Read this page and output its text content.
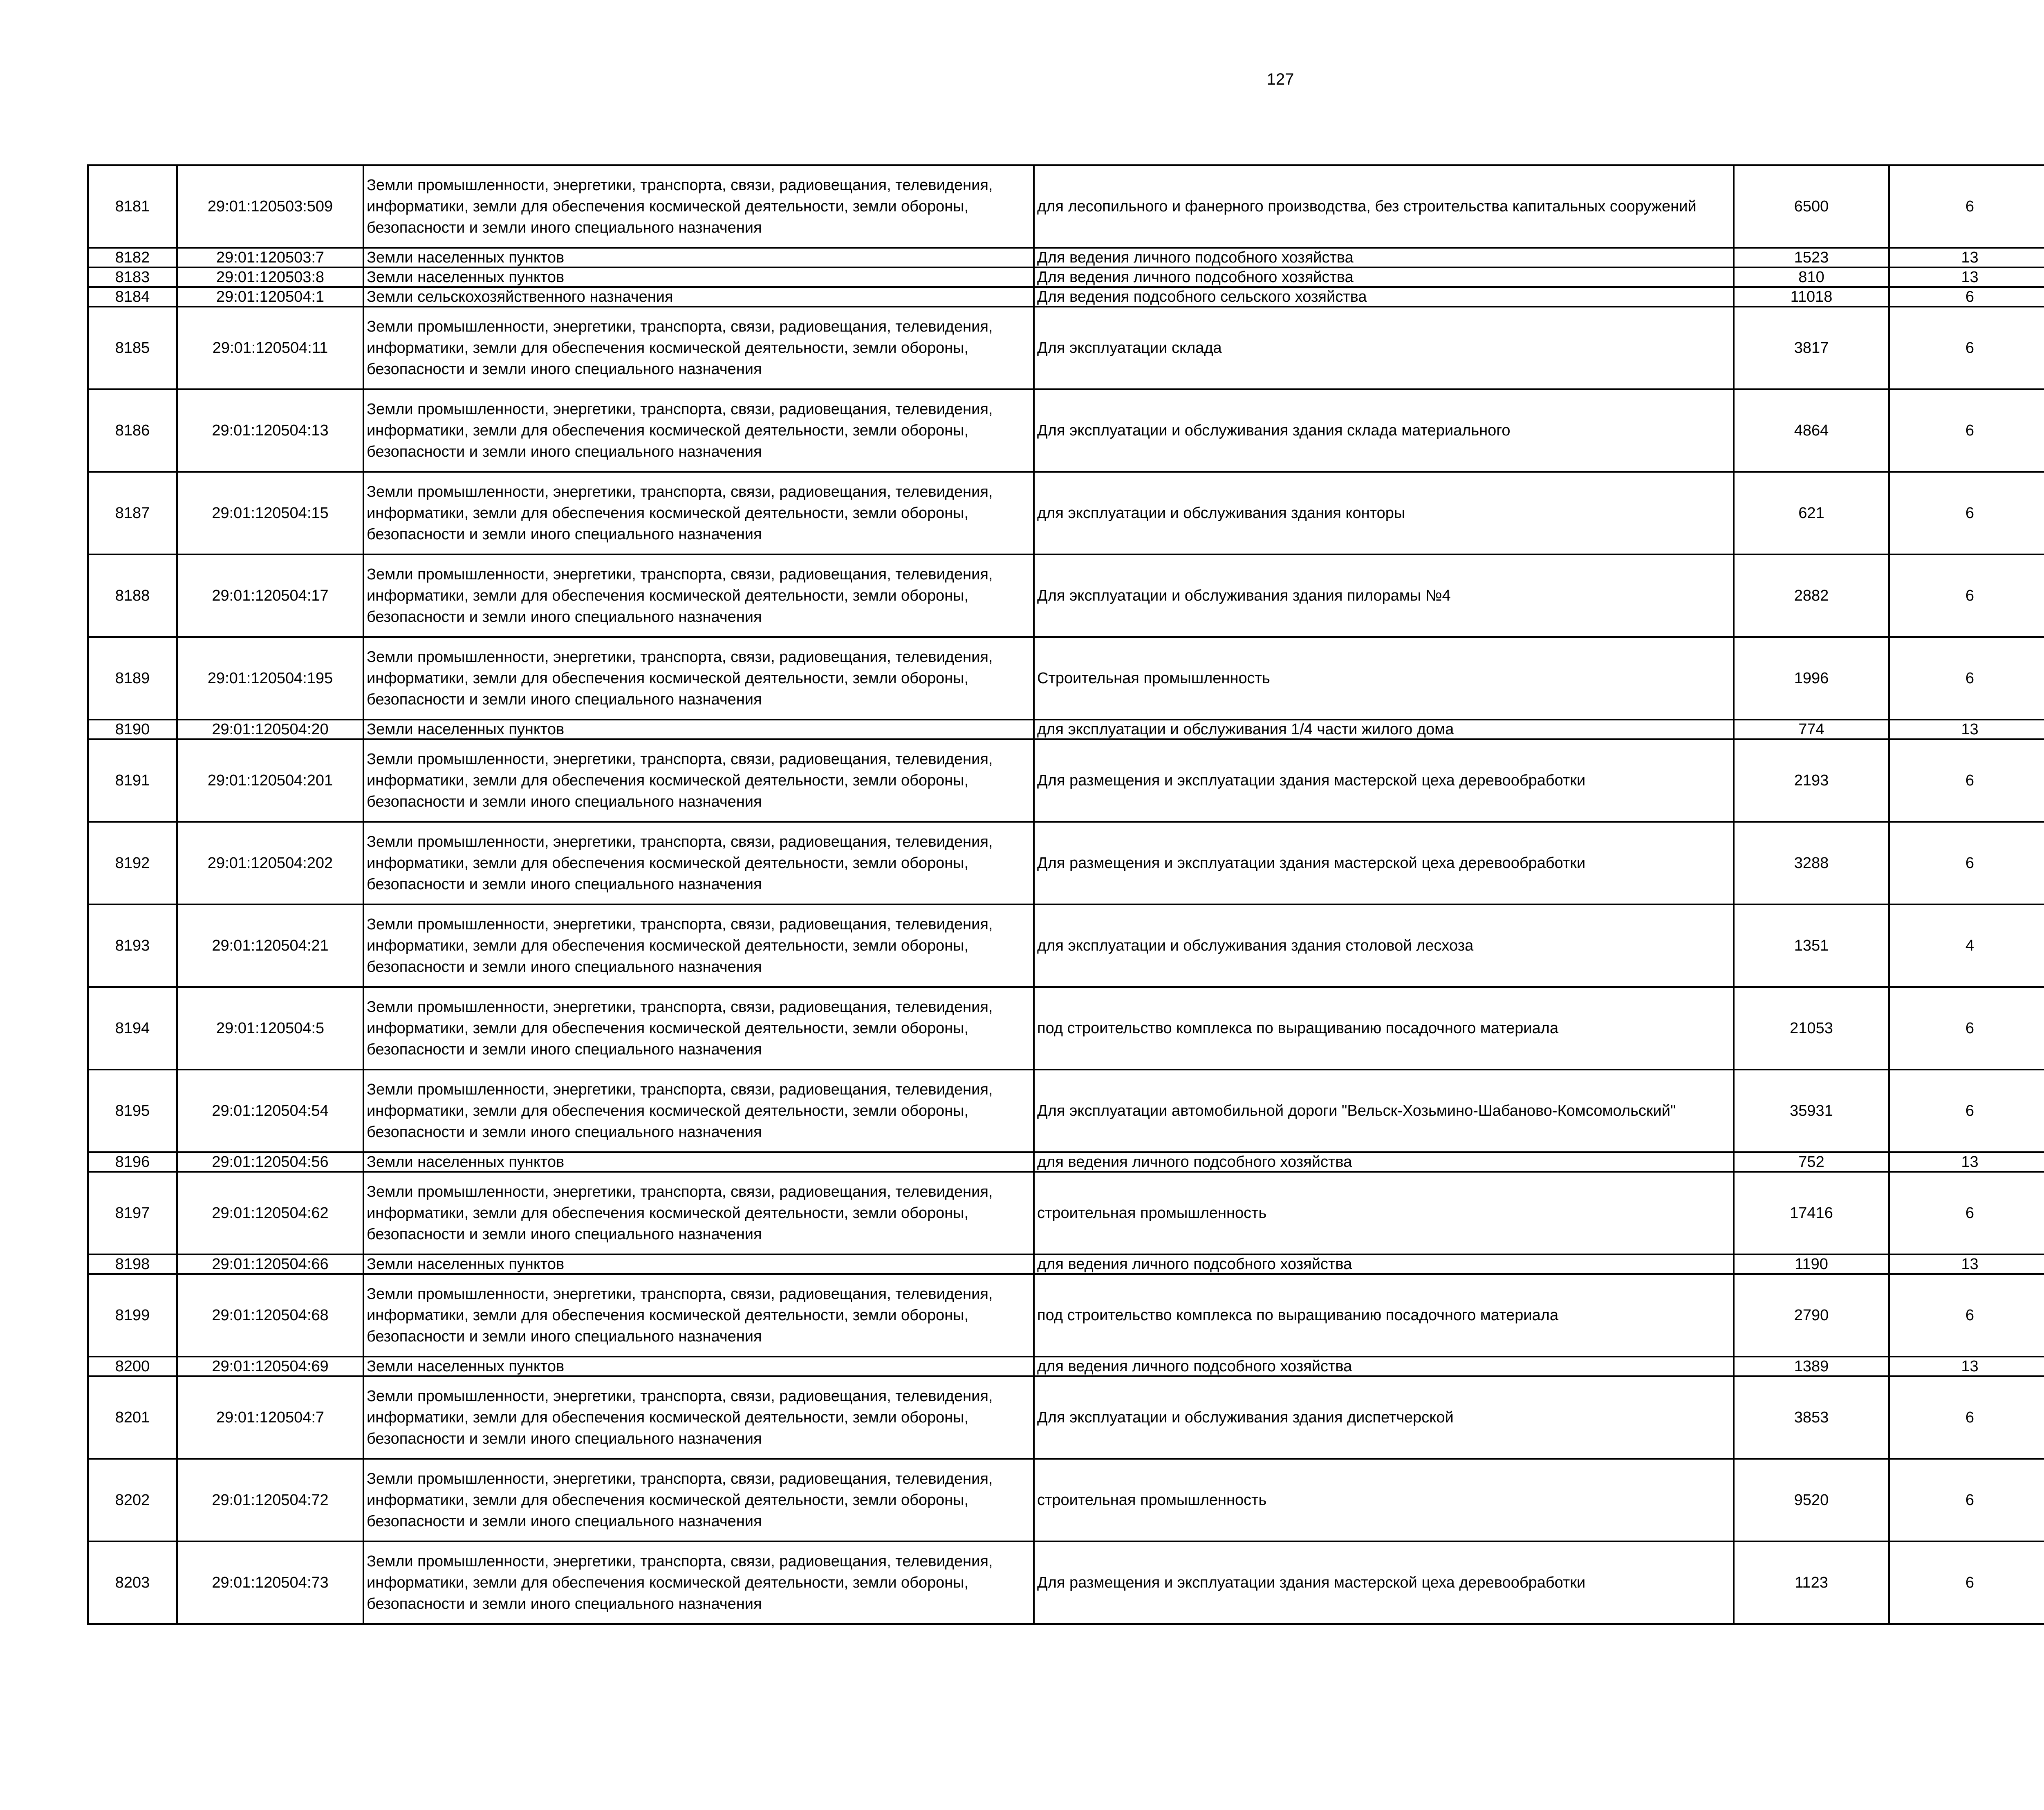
127
8181	29:01:120503:509	Земли промышленности, энергетики, транспорта, связи, радиовещания, телевидения, информатики, земли для обеспечения космической деятельности, земли обороны, безопасности и земли иного специального назначения	для лесопильного и фанерного производства, без строительства капитальных сооружений	6500	6		
8182	29:01:120503:7	Земли населенных пунктов	Для ведения личного подсобного хозяйства	1523	13		
8183	29:01:120503:8	Земли населенных пунктов	Для ведения личного подсобного хозяйства	810	13		
8184	29:01:120504:1	Земли сельскохозяйственного назначения	Для ведения подсобного сельского хозяйства	11018	6		
8185	29:01:120504:11	Земли промышленности, энергетики, транспорта, связи, радиовещания, телевидения, информатики, земли для обеспечения космической деятельности, земли обороны, безопасности и земли иного специального назначения	Для эксплуатации склада	3817	6		
8186	29:01:120504:13	Земли промышленности, энергетики, транспорта, связи, радиовещания, телевидения, информатики, земли для обеспечения космической деятельности, земли обороны, безопасности и земли иного специального назначения	Для эксплуатации и обслуживания здания склада материального	4864	6		
8187	29:01:120504:15	Земли промышленности, энергетики, транспорта, связи, радиовещания, телевидения, информатики, земли для обеспечения космической деятельности, земли обороны, безопасности и земли иного специального назначения	для эксплуатации и обслуживания здания конторы	621	6		
8188	29:01:120504:17	Земли промышленности, энергетики, транспорта, связи, радиовещания, телевидения, информатики, земли для обеспечения космической деятельности, земли обороны, безопасности и земли иного специального назначения	Для эксплуатации и обслуживания здания пилорамы №4	2882	6		
8189	29:01:120504:195	Земли промышленности, энергетики, транспорта, связи, радиовещания, телевидения, информатики, земли для обеспечения космической деятельности, земли обороны, безопасности и земли иного специального назначения	Строительная промышленность	1996	6		
8190	29:01:120504:20	Земли населенных пунктов	для эксплуатации и обслуживания 1/4 части жилого дома	774	13		
8191	29:01:120504:201	Земли промышленности, энергетики, транспорта, связи, радиовещания, телевидения, информатики, земли для обеспечения космической деятельности, земли обороны, безопасности и земли иного специального назначения	Для размещения и эксплуатации здания мастерской цеха деревообработки	2193	6		
8192	29:01:120504:202	Земли промышленности, энергетики, транспорта, связи, радиовещания, телевидения, информатики, земли для обеспечения космической деятельности, земли обороны, безопасности и земли иного специального назначения	Для размещения и эксплуатации здания мастерской цеха деревообработки	3288	6		
8193	29:01:120504:21	Земли промышленности, энергетики, транспорта, связи, радиовещания, телевидения, информатики, земли для обеспечения космической деятельности, земли обороны, безопасности и земли иного специального назначения	для эксплуатации и обслуживания здания столовой лесхоза	1351	4		
8194	29:01:120504:5	Земли промышленности, энергетики, транспорта, связи, радиовещания, телевидения, информатики, земли для обеспечения космической деятельности, земли обороны, безопасности и земли иного специального назначения	под строительство комплекса по выращиванию посадочного материала	21053	6		
8195	29:01:120504:54	Земли промышленности, энергетики, транспорта, связи, радиовещания, телевидения, информатики, земли для обеспечения космической деятельности, земли обороны, безопасности и земли иного специального назначения	Для эксплуатации автомобильной дороги "Вельск-Хозьмино-Шабаново-Комсомольский"	35931	6		
8196	29:01:120504:56	Земли населенных пунктов	для ведения личного подсобного хозяйства	752	13		
8197	29:01:120504:62	Земли промышленности, энергетики, транспорта, связи, радиовещания, телевидения, информатики, земли для обеспечения космической деятельности, земли обороны, безопасности и земли иного специального назначения	строительная промышленность	17416	6		
8198	29:01:120504:66	Земли населенных пунктов	для ведения личного подсобного хозяйства	1190	13		
8199	29:01:120504:68	Земли промышленности, энергетики, транспорта, связи, радиовещания, телевидения, информатики, земли для обеспечения космической деятельности, земли обороны, безопасности и земли иного специального назначения	под строительство комплекса по выращиванию посадочного материала	2790	6		
8200	29:01:120504:69	Земли населенных пунктов	для ведения личного подсобного хозяйства	1389	13		
8201	29:01:120504:7	Земли промышленности, энергетики, транспорта, связи, радиовещания, телевидения, информатики, земли для обеспечения космической деятельности, земли обороны, безопасности и земли иного специального назначения	Для эксплуатации и обслуживания здания диспетчерской	3853	6		
8202	29:01:120504:72	Земли промышленности, энергетики, транспорта, связи, радиовещания, телевидения, информатики, земли для обеспечения космической деятельности, земли обороны, безопасности и земли иного специального назначения	строительная промышленность	9520	6		
8203	29:01:120504:73	Земли промышленности, энергетики, транспорта, связи, радиовещания, телевидения, информатики, земли для обеспечения космической деятельности, земли обороны, безопасности и земли иного специального назначения	Для размещения и эксплуатации здания мастерской цеха деревообработки	1123	6		
